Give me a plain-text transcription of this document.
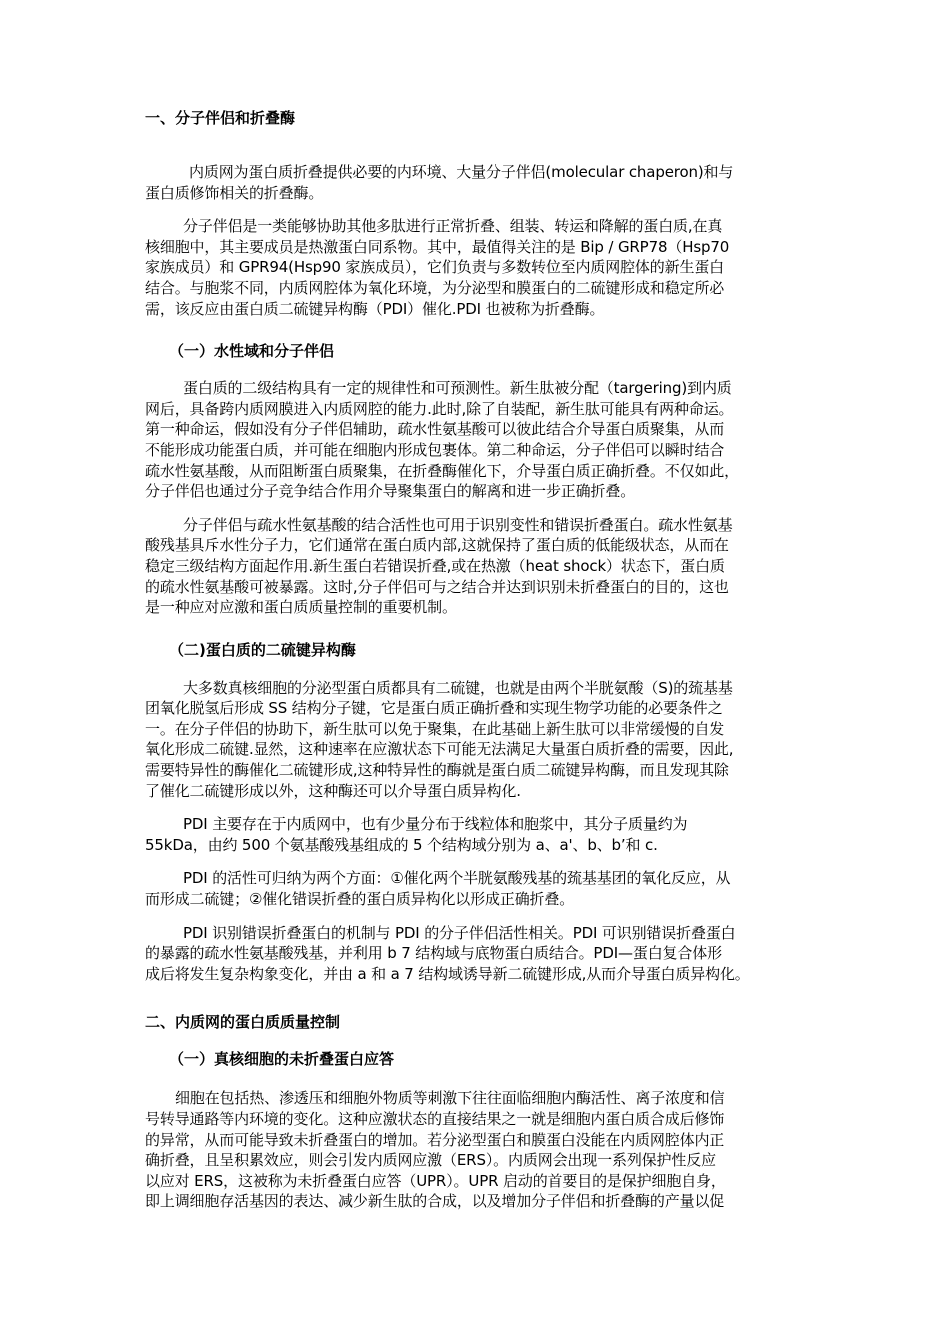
一、分子伴侣和折叠酶
内质网为蛋白质折叠提供必要的内环境、大量分子伴侣(molecular chaperon)和与
蛋白质修饰相关的折叠酶。
分子伴侣是一类能够协助其他多肽进行正常折叠、组装、转运和降解的蛋白质,在真
核细胞中，其主要成员是热激蛋白同系物。其中，最值得关注的是 Bip / GRP78（Hsp70
家族成员）和 GPR94(Hsp90 家族成员），它们负责与多数转位至内质网腔体的新生蛋白
结合。与胞浆不同，内质网腔体为氧化环境，为分泌型和膜蛋白的二硫键形成和稳定所必
需，该反应由蛋白质二硫键异构酶（PDI）催化.PDI 也被称为折叠酶。
（一）水性域和分子伴侣
蛋白质的二级结构具有一定的规律性和可预测性。新生肽被分配（targering)到内质
网后，具备跨内质网膜进入内质网腔的能力.此时,除了自装配，新生肽可能具有两种命运。
第一种命运，假如没有分子伴侣辅助，疏水性氨基酸可以彼此结合介导蛋白质聚集，从而
不能形成功能蛋白质，并可能在细胞内形成包裹体。第二种命运，分子伴侣可以瞬时结合
疏水性氨基酸，从而阻断蛋白质聚集，在折叠酶催化下，介导蛋白质正确折叠。不仅如此，
分子伴侣也通过分子竞争结合作用介导聚集蛋白的解离和进一步正确折叠。
分子伴侣与疏水性氨基酸的结合活性也可用于识别变性和错误折叠蛋白。疏水性氨基
酸残基具斥水性分子力，它们通常在蛋白质内部,这就保持了蛋白质的低能级状态，从而在
稳定三级结构方面起作用.新生蛋白若错误折叠,或在热激（heat shock）状态下，蛋白质
的疏水性氨基酸可被暴露。这时,分子伴侣可与之结合并达到识别未折叠蛋白的目的，这也
是一种应对应激和蛋白质质量控制的重要机制。
（二)蛋白质的二硫键异构酶
大多数真核细胞的分泌型蛋白质都具有二硫键，也就是由两个半胱氨酸（S)的巯基基
团氧化脱氢后形成 SS 结构分子键，它是蛋白质正确折叠和实现生物学功能的必要条件之
一。在分子伴侣的协助下，新生肽可以免于聚集，在此基础上新生肽可以非常缓慢的自发
氧化形成二硫键.显然，这种速率在应激状态下可能无法满足大量蛋白质折叠的需要，因此,
需要特异性的酶催化二硫键形成,这种特异性的酶就是蛋白质二硫键异构酶，而且发现其除
了催化二硫键形成以外，这种酶还可以介导蛋白质异构化.
PDI 主要存在于内质网中，也有少量分布于线粒体和胞浆中，其分子质量约为
55kDa，由约 500 个氨基酸残基组成的 5 个结构域分别为 a、a'、b、b’和 c.
PDI 的活性可归纳为两个方面：①催化两个半胱氨酸残基的巯基基团的氧化反应，从
而形成二硫键；②催化错误折叠的蛋白质异构化以形成正确折叠。
PDI 识别错误折叠蛋白的机制与 PDI 的分子伴侣活性相关。PDI 可识别错误折叠蛋白
的暴露的疏水性氨基酸残基，并利用 b 7 结构域与底物蛋白质结合。PDI—蛋白复合体形
成后将发生复杂构象变化，并由 a 和 a 7 结构域诱导新二硫键形成,从而介导蛋白质异构化。
二、内质网的蛋白质质量控制
（一）真核细胞的未折叠蛋白应答
细胞在包括热、渗透压和细胞外物质等刺激下往往面临细胞内酶活性、离子浓度和信
号转导通路等内环境的变化。这种应激状态的直接结果之一就是细胞内蛋白质合成后修饰
的异常，从而可能导致未折叠蛋白的增加。若分泌型蛋白和膜蛋白没能在内质网腔体内正
确折叠，且呈积累效应，则会引发内质网应激（ERS）。内质网会出现一系列保护性反应
以应对 ERS，这被称为未折叠蛋白应答（UPR）。UPR 启动的首要目的是保护细胞自身，
即上调细胞存活基因的表达、减少新生肽的合成，以及增加分子伴侣和折叠酶的产量以促
